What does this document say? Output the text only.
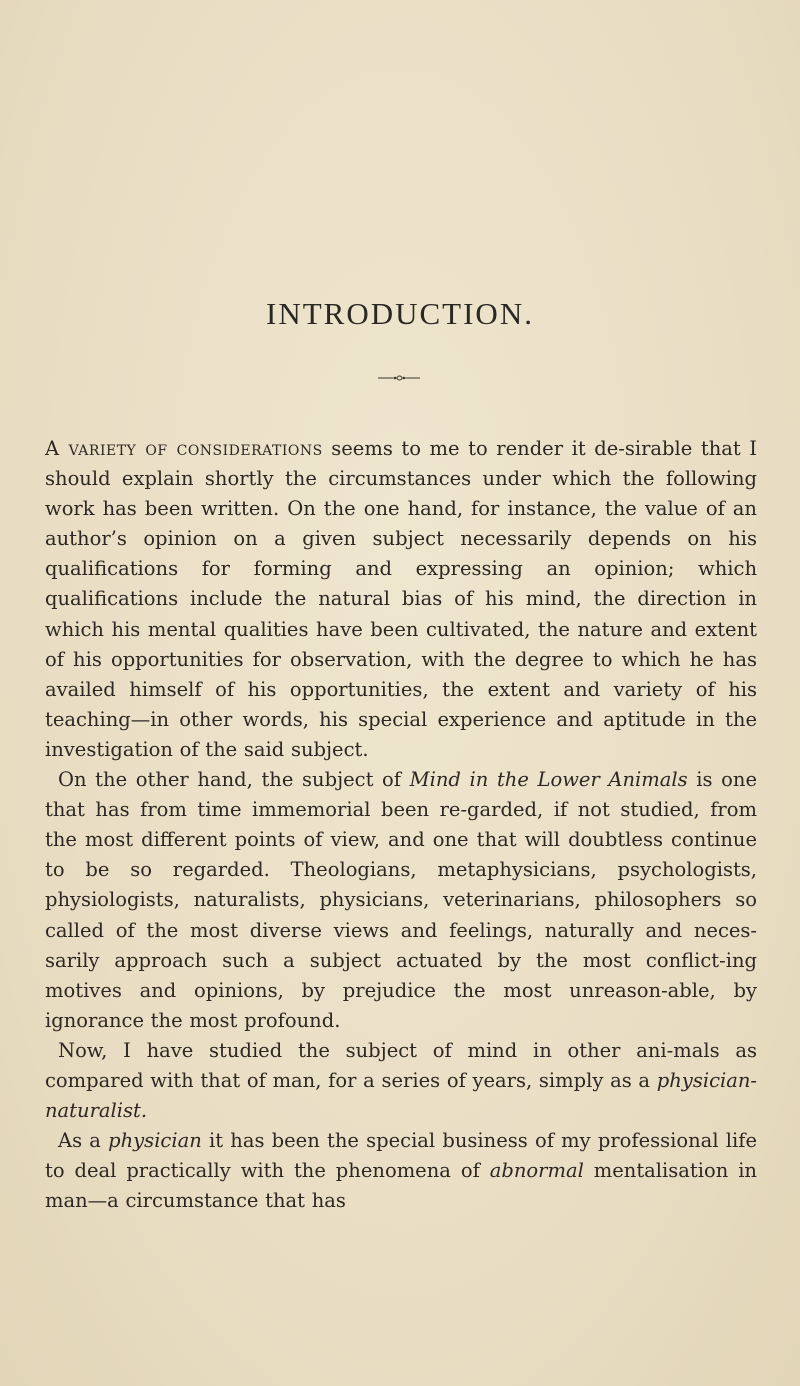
INTRODUCTION.

A variety of considerations seems to me to render it de-sirable that I should explain shortly the circumstances under which the following work has been written. On the one hand, for instance, the value of an author’s opinion on a given subject necessarily depends on his qualifications for forming and expressing an opinion; which qualifications include the natural bias of his mind, the direction in which his mental qualities have been cultivated, the nature and extent of his opportunities for observation, with the degree to which he has availed himself of his opportunities, the extent and variety of his teaching—in other words, his special experience and aptitude in the investigation of the said subject.

On the other hand, the subject of Mind in the Lower Animals is one that has from time immemorial been re-garded, if not studied, from the most different points of view, and one that will doubtless continue to be so regarded. Theologians, metaphysicians, psychologists, physiologists, naturalists, physicians, veterinarians, philosophers so called of the most diverse views and feelings, naturally and neces-sarily approach such a subject actuated by the most conflict-ing motives and opinions, by prejudice the most unreason-able, by ignorance the most profound.

Now, I have studied the subject of mind in other ani-mals as compared with that of man, for a series of years, simply as a physician-naturalist.

As a physician it has been the special business of my professional life to deal practically with the phenomena of abnormal mentalisation in man—a circumstance that has
